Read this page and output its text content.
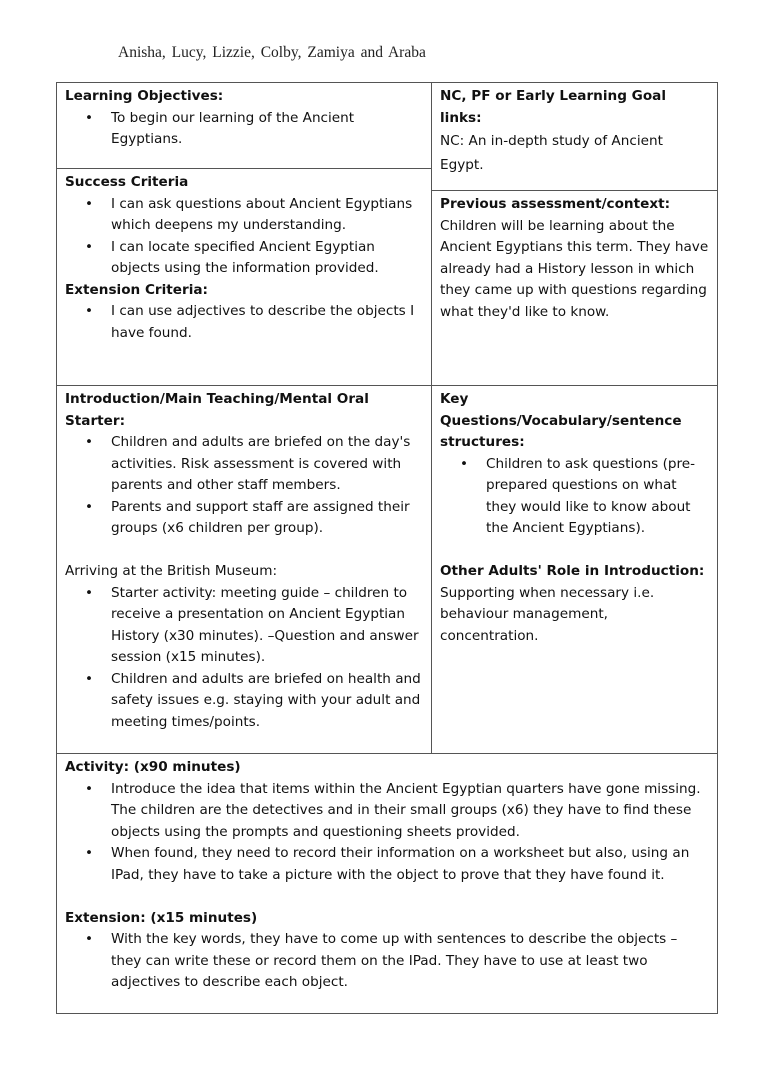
Anisha, Lucy, Lizzie, Colby, Zamiya and Araba
Learning Objectives:
• To begin our learning of the Ancient Egyptians.
NC, PF or Early Learning Goal links:
NC: An in-depth study of Ancient Egypt.
Success Criteria
• I can ask questions about Ancient Egyptians which deepens my understanding.
• I can locate specified Ancient Egyptian objects using the information provided.
Extension Criteria:
• I can use adjectives to describe the objects I have found.
Previous assessment/context:
Children will be learning about the Ancient Egyptians this term. They have already had a History lesson in which they came up with questions regarding what they'd like to know.
Introduction/Main Teaching/Mental Oral Starter:
• Children and adults are briefed on the day's activities. Risk assessment is covered with parents and other staff members.
• Parents and support staff are assigned their groups (x6 children per group).
Arriving at the British Museum:
• Starter activity: meeting guide – children to receive a presentation on Ancient Egyptian History (x30 minutes). –Question and answer session (x15 minutes).
• Children and adults are briefed on health and safety issues e.g. staying with your adult and meeting times/points.
Key Questions/Vocabulary/sentence structures:
• Children to ask questions (pre-prepared questions on what they would like to know about the Ancient Egyptians).
Other Adults' Role in Introduction:
Supporting when necessary i.e. behaviour management, concentration.
Activity: (x90 minutes)
• Introduce the idea that items within the Ancient Egyptian quarters have gone missing. The children are the detectives and in their small groups (x6) they have to find these objects using the prompts and questioning sheets provided.
• When found, they need to record their information on a worksheet but also, using an IPad, they have to take a picture with the object to prove that they have found it.
Extension: (x15 minutes)
• With the key words, they have to come up with sentences to describe the objects – they can write these or record them on the IPad. They have to use at least two adjectives to describe each object.
